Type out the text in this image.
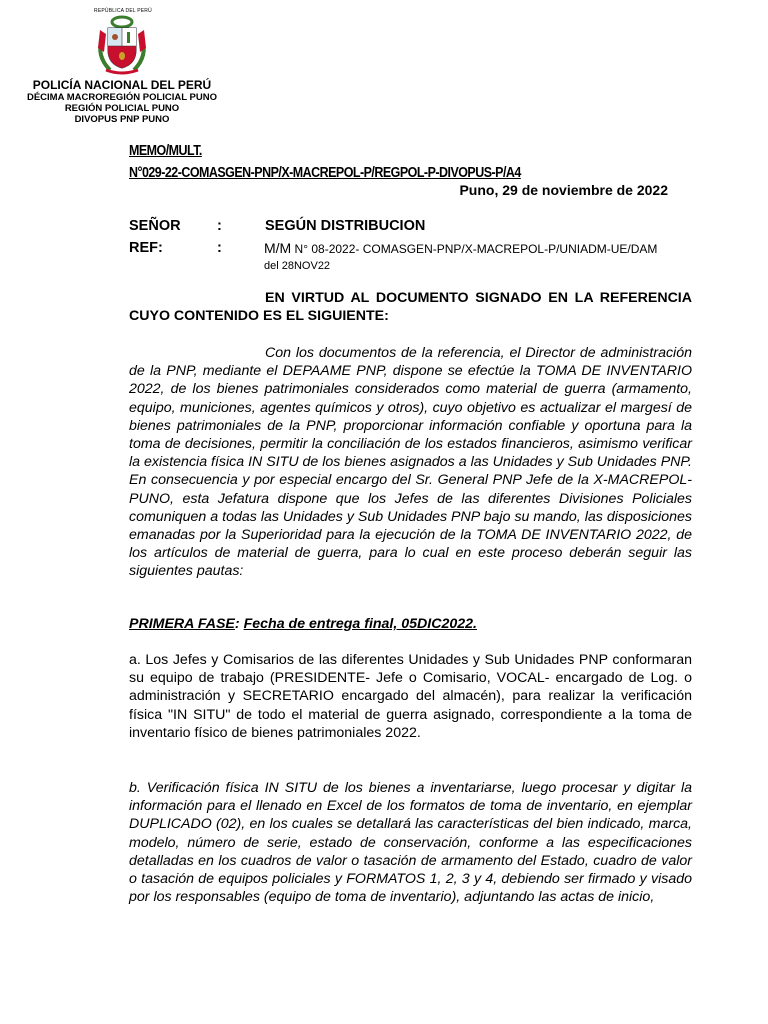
REPÚBLICA DEL PERÚ
POLICÍA NACIONAL DEL PERÚ
DÉCIMA MACROREGIÓN POLICIAL PUNO
REGIÓN POLICIAL PUNO
DIVOPUS PNP PUNO
MEMO/MULT.
N°029-22-COMASGEN-PNP/X-MACREPOL-P/REGPOL-P-DIVOPUS-P/A4
Puno, 29 de noviembre de 2022
SEÑOR	:	SEGÚN DISTRIBUCION
REF:	:	M/M N° 08-2022- COMASGEN-PNP/X-MACREPOL-P/UNIADM-UE/DAM
del 28NOV22
EN VIRTUD AL DOCUMENTO SIGNADO EN LA REFERENCIA CUYO CONTENIDO ES EL SIGUIENTE:
Con los documentos de la referencia, el Director de administración de la PNP, mediante el DEPAAME PNP, dispone se efectúe la TOMA DE INVENTARIO 2022, de los bienes patrimoniales considerados como material de guerra (armamento, equipo, municiones, agentes químicos y otros), cuyo objetivo es actualizar el margesí de bienes patrimoniales de la PNP, proporcionar información confiable y oportuna para la toma de decisiones, permitir la conciliación de los estados financieros, asimismo verificar la existencia física IN SITU de los bienes asignados a las Unidades y Sub Unidades PNP. En consecuencia y por especial encargo del Sr. General PNP Jefe de la X-MACREPOL-PUNO, esta Jefatura dispone que los Jefes de las diferentes Divisiones Policiales comuniquen a todas las Unidades y Sub Unidades PNP bajo su mando, las disposiciones emanadas por la Superioridad para la ejecución de la TOMA DE INVENTARIO 2022, de los artículos de material de guerra, para lo cual en este proceso deberán seguir las siguientes pautas:
PRIMERA FASE: Fecha de entrega final, 05DIC2022.
a. Los Jefes y Comisarios de las diferentes Unidades y Sub Unidades PNP conformaran su equipo de trabajo (PRESIDENTE- Jefe o Comisario, VOCAL- encargado de Log. o administración y SECRETARIO encargado del almacén), para realizar la verificación física "IN SITU" de todo el material de guerra asignado, correspondiente a la toma de inventario físico de bienes patrimoniales 2022.
b. Verificación física IN SITU de los bienes a inventariarse, luego procesar y digitar la información para el llenado en Excel de los formatos de toma de inventario, en ejemplar DUPLICADO (02), en los cuales se detallará las características del bien indicado, marca, modelo, número de serie, estado de conservación, conforme a las especificaciones detalladas en los cuadros de valor o tasación de armamento del Estado, cuadro de valor o tasación de equipos policiales y FORMATOS 1, 2, 3 y 4, debiendo ser firmado y visado por los responsables (equipo de toma de inventario), adjuntando las actas de inicio,
